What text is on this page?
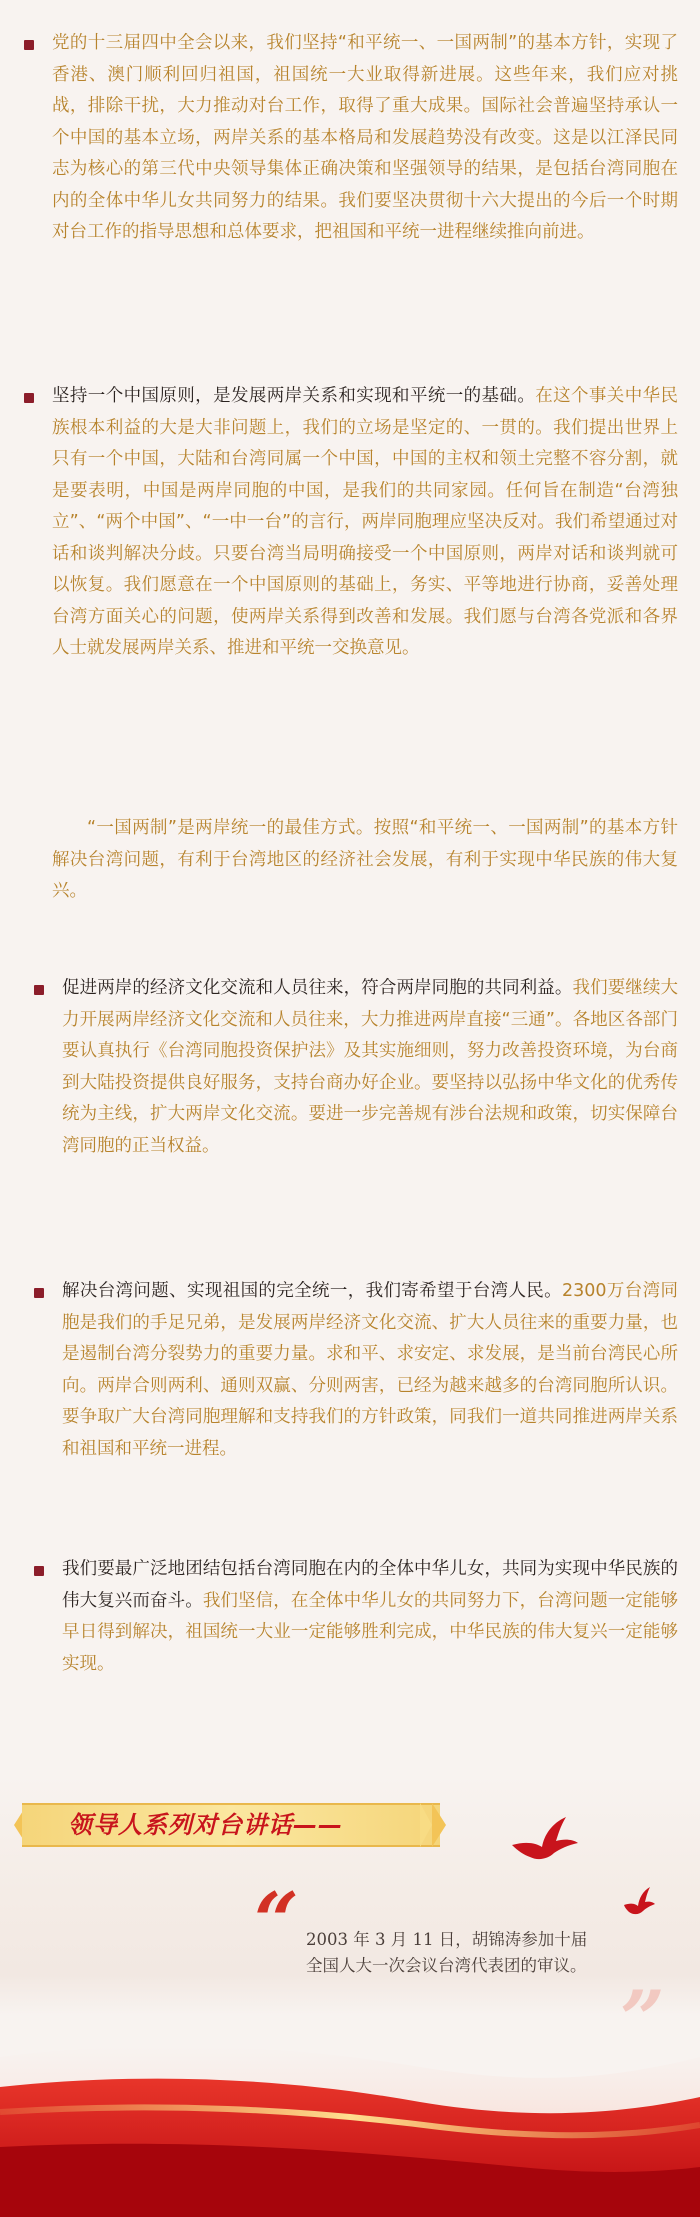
党的十三届四中全会以来，我们坚持“和平统一、一国两制”的基本方针，实现了香港、澳门顺利回归祖国，祖国统一大业取得新进展。这些年来，我们应对挑战，排除干扰，大力推动对台工作，取得了重大成果。国际社会普遍坚持承认一个中国的基本立场，两岸关系的基本格局和发展趋势没有改变。这是以江泽民同志为核心的第三代中央领导集体正确决策和坚强领导的结果，是包括台湾同胞在内的全体中华儿女共同努力的结果。我们要坚决贯彻十六大提出的今后一个时期对台工作的指导思想和总体要求，把祖国和平统一进程继续推向前进。
坚持一个中国原则，是发展两岸关系和实现和平统一的基础。在这个事关中华民族根本利益的大是大非问题上，我们的立场是坚定的、一贯的。我们提出世界上只有一个中国，大陆和台湾同属一个中国，中国的主权和领土完整不容分割，就是要表明，中国是两岸同胞的中国，是我们的共同家园。任何旨在制造“台湾独立”、“两个中国”、“一中一台”的言行，两岸同胞理应坚决反对。我们希望通过对话和谈判解决分歧。只要台湾当局明确接受一个中国原则，两岸对话和谈判就可以恢复。我们愿意在一个中国原则的基础上，务实、平等地进行协商，妥善处理台湾方面关心的问题，使两岸关系得到改善和发展。我们愿与台湾各党派和各界人士就发展两岸关系、推进和平统一交换意见。
“一国两制”是两岸统一的最佳方式。按照“和平统一、一国两制”的基本方针解决台湾问题，有利于台湾地区的经济社会发展，有利于实现中华民族的伟大复兴。
促进两岸的经济文化交流和人员往来，符合两岸同胞的共同利益。我们要继续大力开展两岸经济文化交流和人员往来，大力推进两岸直接“三通”。各地区各部门要认真执行《台湾同胞投资保护法》及其实施细则，努力改善投资环境，为台商到大陆投资提供良好服务，支持台商办好企业。要坚持以弘扬中华文化的优秀传统为主线，扩大两岸文化交流。要进一步完善规有涉台法规和政策，切实保障台湾同胞的正当权益。
解决台湾问题、实现祖国的完全统一，我们寄希望于台湾人民。2300万台湾同胞是我们的手足兄弟，是发展两岸经济文化交流、扩大人员往来的重要力量，也是遏制台湾分裂势力的重要力量。求和平、求安定、求发展，是当前台湾民心所向。两岸合则两利、通则双赢、分则两害，已经为越来越多的台湾同胞所认识。要争取广大台湾同胞理解和支持我们的方针政策，同我们一道共同推进两岸关系和祖国和平统一进程。
我们要最广泛地团结包括台湾同胞在内的全体中华儿女，共同为实现中华民族的伟大复兴而奋斗。我们坚信，在全体中华儿女的共同努力下，台湾问题一定能够早日得到解决，祖国统一大业一定能够胜利完成，中华民族的伟大复兴一定能够实现。
领导人系列对台讲话——
“ 2003 年 3 月 11 日，胡锦涛参加十届
全国人大一次会议台湾代表团的审议。
”
